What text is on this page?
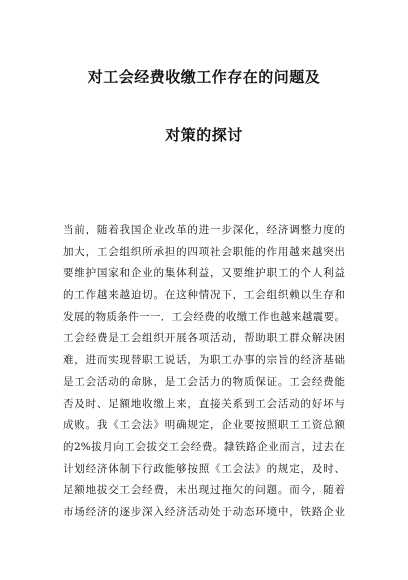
对工会经费收缴工作存在的问题及
对策的探讨
当前，随着我国企业改革的进一步深化，经济调整力度的
加大，工会组织所承担的四项社会职能的作用越来越突出
要维护国家和企业的集体利益，又要维护职工的个人利益
的工作越来越迫切。在这种情况下，工会组织赖以生存和
发展的物质条件一一．工会经费的收缴工作也越来越震要。
工会经费是工会组织开展各项活动，帮助职工群众解决困
难，进而实现替职工说话，为职工办事的宗旨的经济基础
是工会活动的命脉，是工会活力的物质保证。工会经费能
否及时、足额地收缴上来，直接关系到工会活动的好坏与
成败。我《工会法》明确规定，企业要按照职工工资总额
的2%拔月向工会拔交工会经费。隸铁路企业而言，过去在
计划经济体制下行政能够按照《工会法》的规定，及时、
足额地拔交工会经费，未出现过拖欠的问题。而今，随着
市场经济的逐步深入经济活动处于动态环境中，铁路企业
